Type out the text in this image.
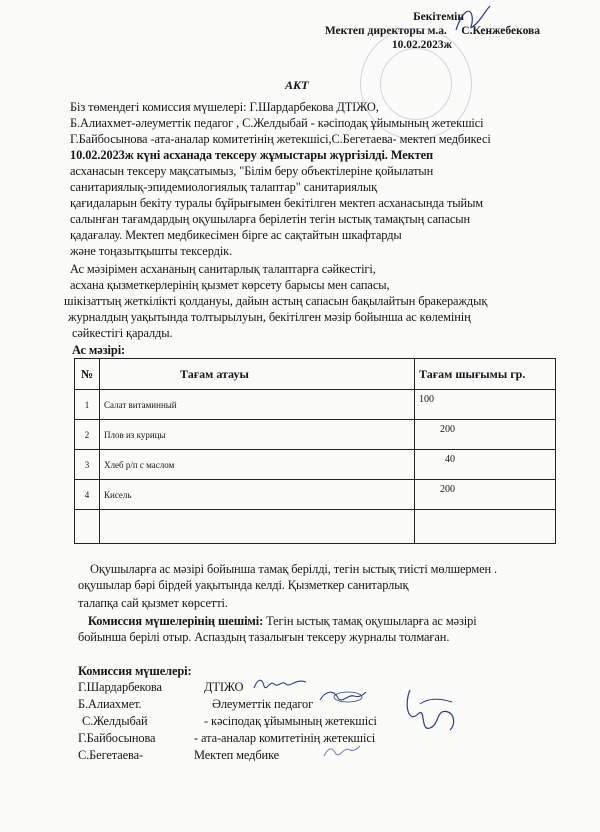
Бекітемін
Мектеп директоры м.а.     С.Кенжебекова
10.02.2023ж
АКТ
Біз төмендегі комиссия мүшелері: Г.Шардарбекова ДТІЖО,
Б.Алиахмет-әлеуметтік педагог , С.Желдыбай - кәсіподақ ұйымының жетекшісі
Г.Байбосынова -ата-аналар комитетінің жетекшісі,С.Бегетаева- мектеп медбикесі
10.02.2023ж күні асханада тексеру жұмыстары жүргізілді. Мектеп
асханасын тексеру мақсатымыз, "Білім беру объектілеріне қойылатын
санитариялық-эпидемиологиялық талаптар" санитариялық
қағидаларын бекіту туралы бұйрығымен бекітілген мектеп асханасында тыйым
салынған тағамдардың оқушыларға берілетін тегін ыстық тамақтың сапасын
қадағалау. Мектеп медбикесімен бірге ас сақтайтын шкафтарды
және тоңазытқышты тексердік.
Ас мәзірімен асхананың санитарлық талаптарға сәйкестігі,
асхана қызметкерлерінің қызмет көрсету барысы мен сапасы,
шікізаттың жеткілікті қолдануы, дайын астың сапасын бақылайтын бракераждық
журналдың уақытында толтырылуын, бекітілген мәзір бойынша ас көлемінің
сәйкестігі қаралды.
Ас мәзірі:
№	Тағам атауы	Тағам шығымы гр.
1	Салат витаминный	100
2	Плов из курицы	200
3	Хлеб р/п с маслом	40
4	Кисель	200

Оқушыларға ас мәзірі бойынша тамақ берілді, тегін ыстық тиісті мөлшермен .
оқушылар бәрі бірдей уақытында келді. Қызметкер санитарлық
талапқа сай қызмет көрсетті.
Комиссия мүшелерінің шешімі: Тегін ыстық тамақ оқушыларға ас мәзірі
бойынша берілі отыр. Аспаздың тазалығын тексеру журналы толмаған.
Комиссия мүшелері:
Г.Шардарбекова	ДТІЖО
Б.Алиахмет.	Әлеуметтік педагог
С.Желдыбай	- кәсіподақ ұйымының жетекшісі
Г.Байбосынова	- ата-аналар комитетінің жетекшісі
С.Бегетаева-	Мектеп медбике
